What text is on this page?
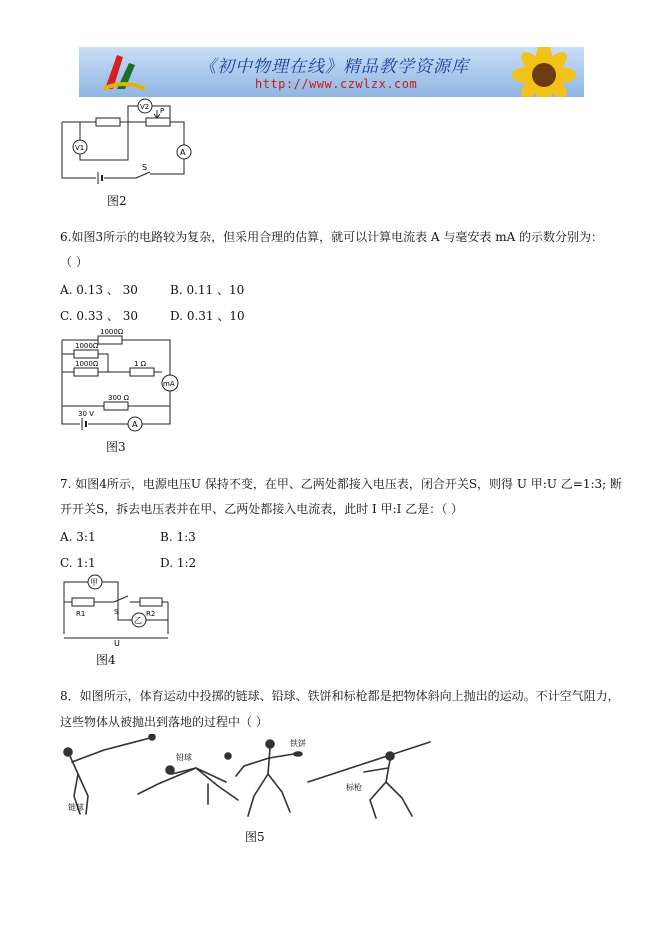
《初中物理在线》精品教学资源库
http://www.czwlzx.com
V2
V1	A
S
P
图2
6.如图3所示的电路较为复杂，但采用合理的估算，就可以计算电流表 A 与毫安表 mA 的示数分别为：
（ ）
A. 0.13 、 30	B. 0.11 、10
C. 0.33 、 30	D. 0.31 、10
1000Ω
1000Ω
1000Ω	1 Ω
300 Ω
30 V
mA
A
图3
7. 如图4所示，电源电压U 保持不变，在甲、乙两处都接入电压表，闭合开关S，则得 U 甲:U 乙=1:3; 断
开开关S，拆去电压表并在甲、乙两处都接入电流表，此时 I 甲:I 乙是：（ ）
A. 3:1	B. 1:3
C. 1:1	D. 1:2
甲
乙
R1	R2
S
U
图4
8．如图所示，体育运动中投掷的链球、铅球、铁饼和标枪都是把物体斜向上抛出的运动。不计空气阻力，
这些物体从被抛出到落地的过程中（ ）
链球
铅球
铁饼
标枪
图5
